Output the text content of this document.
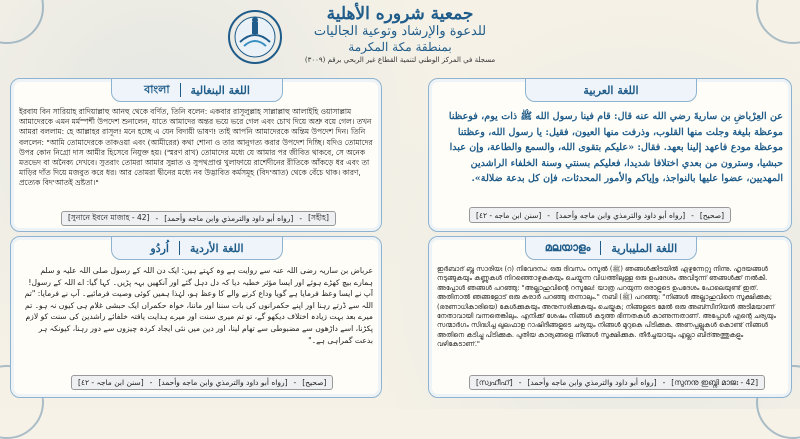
جمعية شروره الأهلية
للدعوة والإرشاد وتوعية الجاليات
بمنطقة مكة المكرمة
مسجلة في المركز الوطني لتنمية القطاع غير الربحي برقم (٣٠٠٩)
اللغة العربية
عن العِرْباضِ بن ساريةَ رضي الله عنه قال: قام فينا رسول الله ﷺ ذات يوم، فوعظنا موعظة بليغة وجلت منها القلوب، وذرفت منها العيون، فقيل: يا رسول الله، وعظتنا موعظة مودع فاعهد إلينا بعهد. فقال: «عليكم بتقوى الله، والسمع والطاعة، وإن عبدا حبشيا، وسترون من بعدي اختلافا شديدا، فعليكم بسنتي وسنة الخلفاء الراشدين المهديين، عضوا عليها بالنواجذ، وإياكم والأمور المحدثات، فإن كل بدعة ضلالة».
[صحيح]
-
[رواه أبو داود والترمذي وابن ماجه وأحمد]
-
[سنن ابن ماجه - ٤٢]
বাংলা اللغة البنغالية
ইরবায বিন সারিয়াহ রাদিয়াল্লাহু আনহু থেকে বর্ণিত, তিনি বলেন: একবার রাসূলুল্লাহ সাল্লাল্লাহু আলাইহি ওয়াসাল্লাম আমাদেরকে এমন মর্মস্পর্শী উপদেশ শুনালেন, যাতে আমাদের অন্তর ভয়ে ভরে গেল এবং চোখ দিয়ে অশ্রু বয়ে গেল। তখন আমরা বললাম: হে আল্লাহর রাসূল! মনে হচ্ছে এ যেন বিদায়ী ভাষণ! তাই আপনি আমাদেরকে অন্তিম উপদেশ দিন। তিনি বললেন: "আমি তোমাদেরকে তাকওয়া এবং (আমীরের) কথা শোনা ও তার আনুগত্য করার উপদেশ দিচ্ছি। যদিও তোমাদের উপর কোন নিগ্রো দাস আমীর হিসেবে নিযুক্ত হয়। (স্মরণ রাখ) তোমাদের মধ্যে যে আমার পর জীবিত থাকবে, সে অনেক মতভেদ বা অনৈক্য দেখবে। সুতরাং তোমরা আমার সুন্নাত ও সুপথপ্রাপ্ত খুলাফায়ে রাশেদীনের রীতিকে আঁকড়ে ধর এবং তা মাড়ির দাঁত দিয়ে মজবুত করে ধর। আর তোমরা দ্বীনের মধ্যে নব উদ্ভাবিত কর্মসমূহ (বিদ'আত) থেকে বেঁচে থাক। কারণ, প্রত্যেক বিদ'আতই ভ্রষ্টতা।"
[সুনানে ইবনে মাজাহ - 42] - [رواه أبو داود والترمذي وابن ماجه وأحمد] - [সহীহ]
اُردُو اللغة الأردية
عرباض بن ساریہ رضی اللہ عنہ سے روایت ہے وہ کہتے ہیں: ایک دن اللہ کے رسول صلی اللہ علیہ و سلم ہمارے بیچ کھڑے ہوئے اور ایسا مؤثر خطبہ دیا کہ دل دہل گئے اور آنکھیں بہہ پڑیں۔ کہا گیا: اے اللہ کے رسول! آپ نے ایسا وعظ فرمایا ہے گویا وداع کرنے والے کا وعظ ہو، لہٰذا ہمیں کوئی وصیت فرمائیے۔ آپ نے فرمایا: "تم اللہ سے ڈرتے رہنا اور اپنے حکمرانوں کی بات سننا اور ماننا، خواہ حکمراں ایک حبشی غلام ہی کیوں نہ ہو۔ تم میرے بعد بہت زیادہ اختلاف دیکھو گے، تو تم میری سنت اور میرے ہدایت یافتہ خلفائے راشدین کی سنت کو لازم پکڑنا، اسے داڑھوں سے مضبوطی سے تھام لینا، اور دین میں نئی ایجاد کردہ چیزوں سے دور رہنا، کیونکہ ہر بدعت گمراہی ہے۔"
[صحیح]
-
[رواه أبو داود والترمذي وابن ماجه وأحمد]
-
[سنن ابن ماجہ - ٤٢]
മലയാളം اللغة المليبارية
ഇർബാദ് ബ്നു സാരിയഃ (റ) നിവേദനം: ഒരു ദിവസം റസൂൽ (ﷺ) ഞങ്ങൾക്കിടയിൽ എഴുന്നേറ്റു നിന്നു. ഹൃദയങ്ങൾ നടുങ്ങുകയും കണ്ണുകൾ നിറഞ്ഞൊഴുകുകയും ചെയ്യുന്ന വിധത്തിലുള്ള ഒരു ഉപദേശം അവിടുന്ന് ഞങ്ങൾക്ക് നൽകി. അപ്പോൾ ഞങ്ങൾ പറഞ്ഞു: "അല്ലാഹുവിന്റെ റസൂലേ! യാത്ര പറയുന്ന ഒരാളുടെ ഉപദേശം പോലെയുണ്ട് ഇത്. അതിനാൽ ഞങ്ങളോട് ഒരു കരാർ പറഞ്ഞു തന്നാലും." നബി (ﷺ) പറഞ്ഞു: "നിങ്ങൾ അല്ലാഹുവിനെ സൂക്ഷിക്കുക; (ഭരണാധികാരിയെ) കേൾക്കുകയും അനുസരിക്കുകയും ചെയ്യുക; നിങ്ങളുടെ മേൽ ഒരു അബ്സീനിയൻ അടിമയാണ് നേതാവായി വന്നതെങ്കിലും. എനിക്ക് ശേഷം നിങ്ങൾ കടുത്ത ഭിന്നതകൾ കാണുന്നതാണ്. അപ്പോൾ എന്റെ ചര്യയും സന്മാർഗം സിദ്ധിച്ച ഖുലഫാഉ റാഷിദീങ്ങളുടെ ചര്യയും നിങ്ങൾ മുറുകെ പിടിക്കുക. അണപ്പല്ലുകൾ കൊണ്ട് നിങ്ങൾ അതിനെ കടിച്ചു പിടിക്കുക. പുതിയ കാര്യങ്ങളെ നിങ്ങൾ സൂക്ഷിക്കുക. തീർച്ചയായും എല്ലാ ബിദ്അത്തുകളും വഴികേടാണ്."
[സ്വഹീഹ്] - [رواه أبو داود والترمذي وابن ماجه وأحمد] - [സുനനു ഇബ്നി മാജഃ - 42]
